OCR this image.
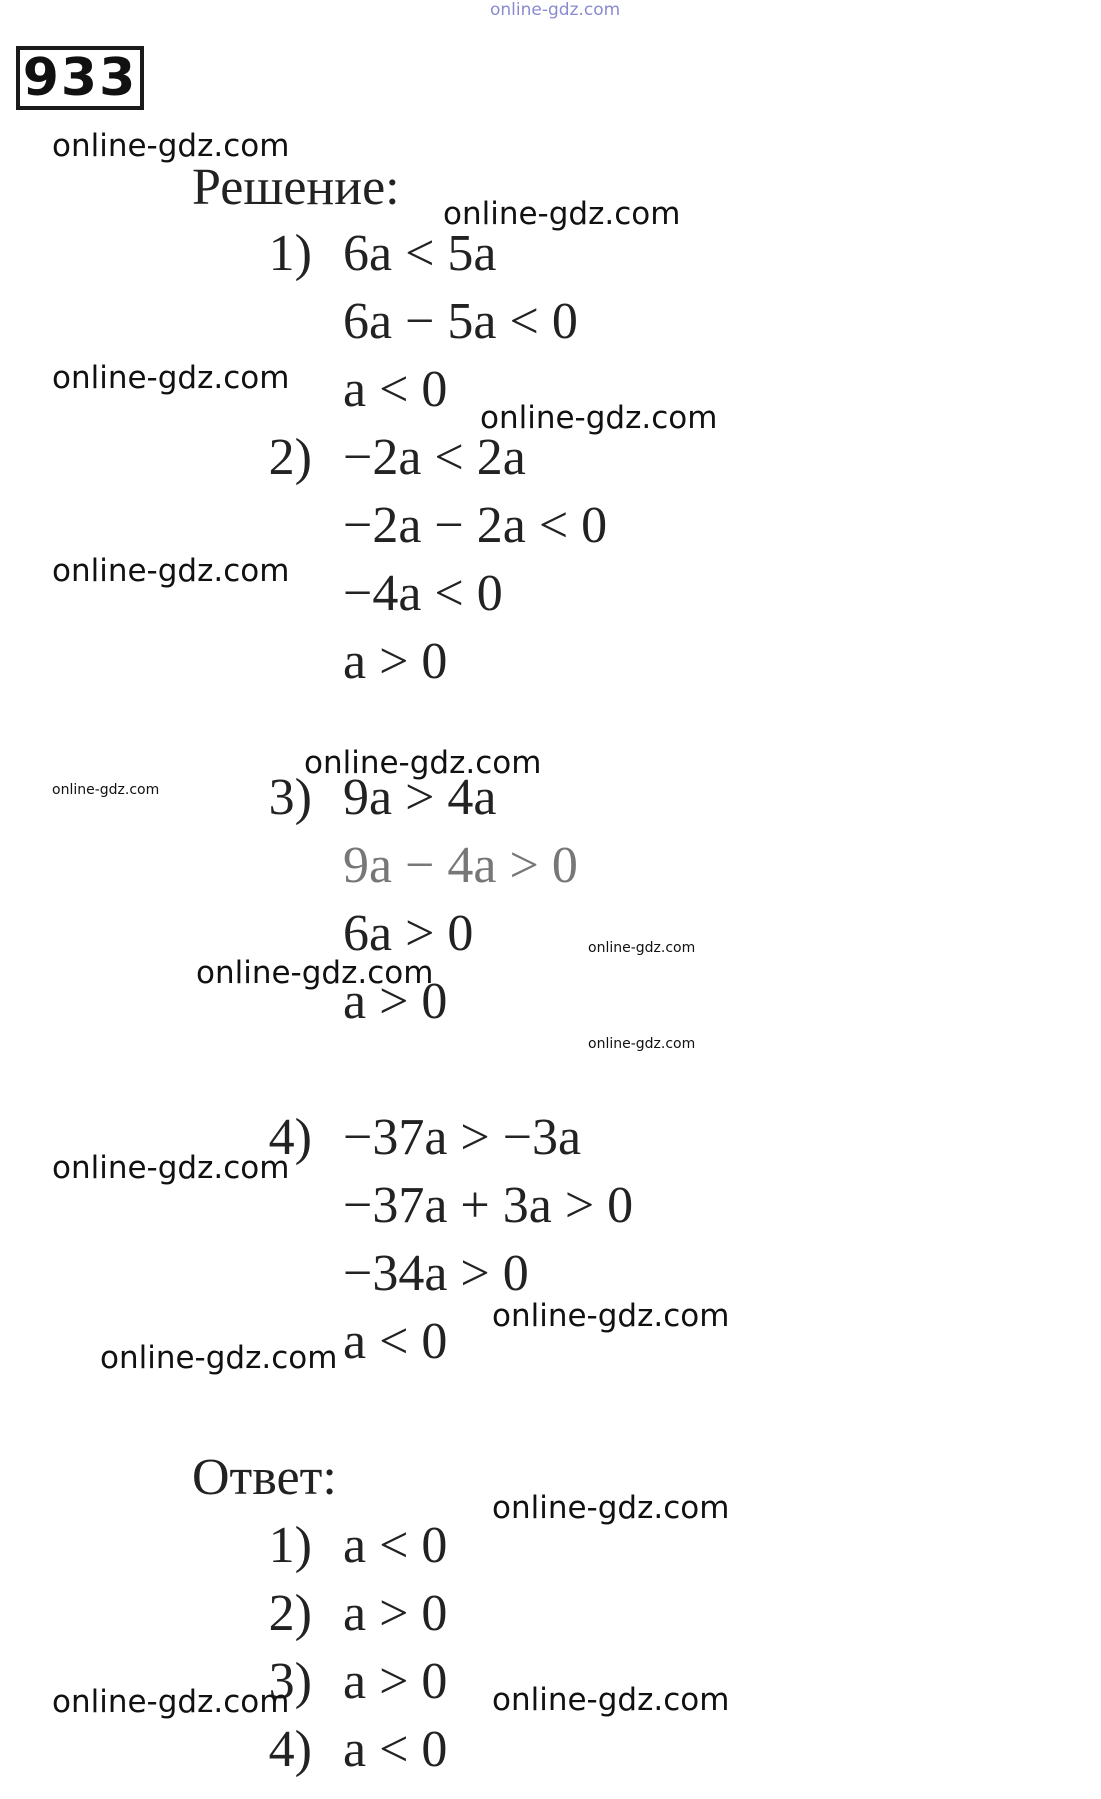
online-gdz.com
933
Решение:
1) 6a < 5a
6a − 5a < 0
a < 0
2) −2a < 2a
−2a − 2a < 0
−4a < 0
a > 0
3) 9a > 4a
9a − 4a > 0
6a > 0
a > 0
4) −37a > −3a
−37a + 3a > 0
−34a > 0
a < 0
Ответ:
1) a < 0
2) a > 0
3) a > 0
4) a < 0
online-gdz.com
online-gdz.com
online-gdz.com
online-gdz.com
online-gdz.com
online-gdz.com
online-gdz.com
online-gdz.com
online-gdz.com
online-gdz.com
online-gdz.com
online-gdz.com
online-gdz.com
online-gdz.com
online-gdz.com	online-gdz.com
